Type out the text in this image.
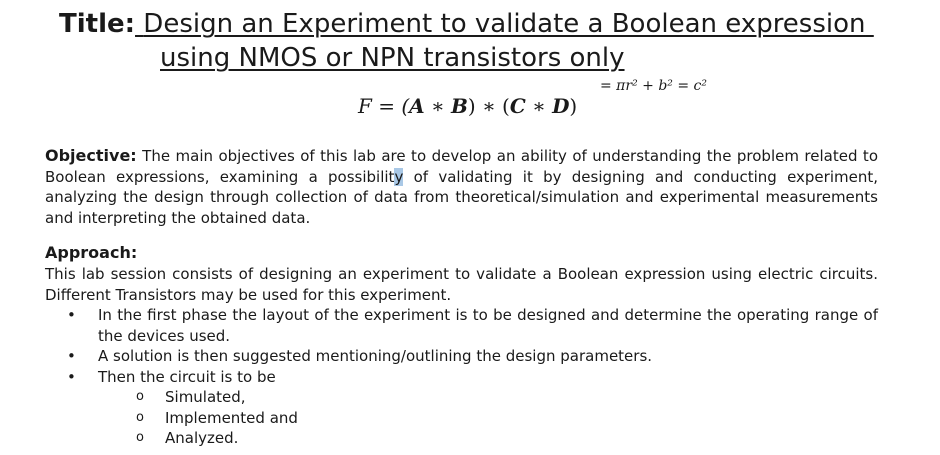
Title: Design an Experiment to validate a Boolean expression
using NMOS or NPN transistors only
= πr² + b² = c²
F = (A ∗ B) ∗ (C ∗ D)

Objective: The main objectives of this lab are to develop an ability of understanding the problem related to Boolean expressions, examining a possibility of validating it by designing and conducting experiment, analyzing the design through collection of data from theoretical/simulation and experimental measurements and interpreting the obtained data.

Approach:

This lab session consists of designing an experiment to validate a Boolean expression using electric circuits. Different Transistors may be used for this experiment.

• In the first phase the layout of the experiment is to be designed and determine the operating range of the devices used.
• A solution is then suggested mentioning/outlining the design parameters.
• Then the circuit is to be
o Simulated,
o Implemented and
o Analyzed.
